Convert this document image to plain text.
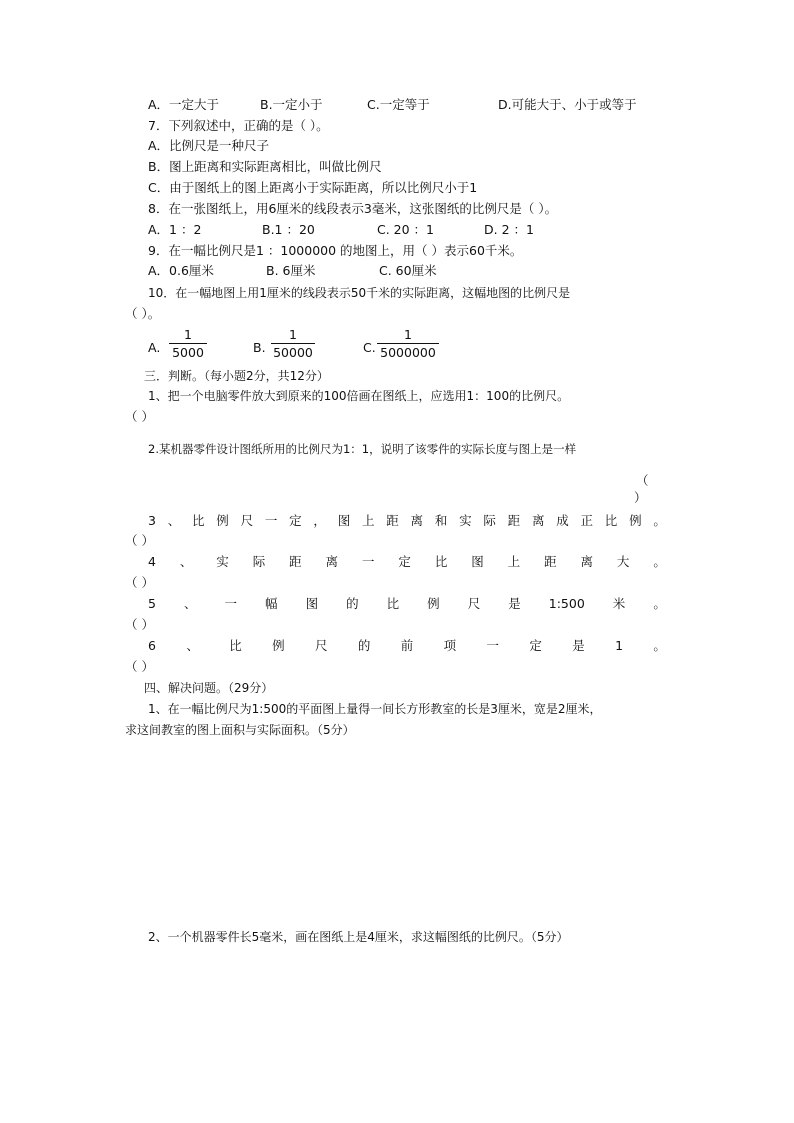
A．一定大于	B.一定小于	C.一定等于	D.可能大于、小于或等于
7．下列叙述中，正确的是（ ）。
A．比例尺是一种尺子
B．图上距离和实际距离相比，叫做比例尺
C．由于图纸上的图上距离小于实际距离，所以比例尺小于1
8．在一张图纸上，用6厘米的线段表示3毫米，这张图纸的比例尺是（ ）。
A．1 ：2	B.1 ：20	C. 20 ：1	D. 2 ：1
9．在一幅比例尺是1 ：1000000 的地图上，用（ ）表示60千米。
A．0.6厘米	B. 6厘米	C. 60厘米
10．在一幅地图上用1厘米的线段表示50千米的实际距离，这幅地图的比例尺是
（ ）。
A.
1
5000	B.
1
50000	C.
1
5000000
三．判断。（每小题2分，共12分）
1、把一个电脑零件放大到原来的100倍画在图纸上，应选用1：100的比例尺。
（ ）
2.某机器零件设计图纸所用的比例尺为1：1，说明了该零件的实际长度与图上是一样
（
）
3 、 比 例 尺 一 定 ， 图 上 距 离 和 实 际 距 离 成 正 比 例 。
（ ）
4 、 实 际 距 离 一 定 比 图 上 距 离 大 。
（ ）
5 、 一 幅 图 的 比 例 尺 是 1:500 米 。
（ ）
6 、 比 例 尺 的 前 项 一 定 是 1 。
（ ）
四、解决问题。（29分）
1、在一幅比例尺为1:500的平面图上量得一间长方形教室的长是3厘米，宽是2厘米，
求这间教室的图上面积与实际面积。（5分）
2、一个机器零件长5毫米，画在图纸上是4厘米，求这幅图纸的比例尺。（5分）
